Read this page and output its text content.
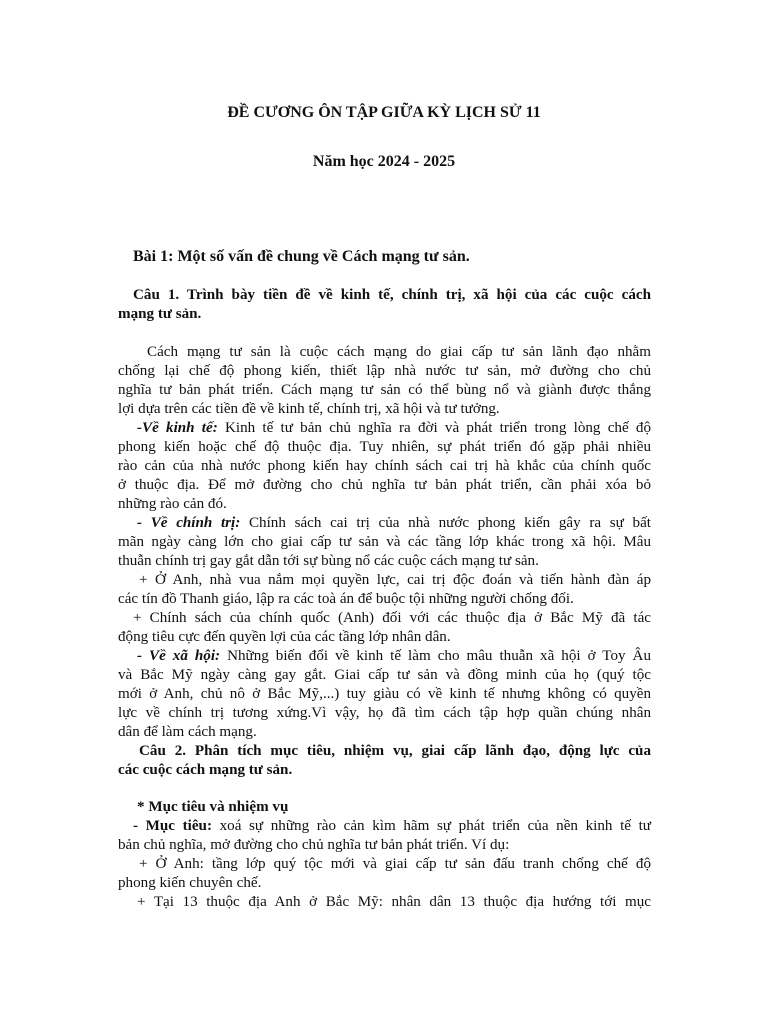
ĐỀ CƯƠNG ÔN TẬP GIỮA KỲ LỊCH SỬ 11
Năm học 2024 - 2025
Bài 1: Một số vấn đề chung về Cách mạng tư sản.
Câu 1. Trình bày tiền đề về kinh tế, chính trị, xã hội của các cuộc cách
mạng tư sản.
Cách mạng tư sản là cuộc cách mạng do giai cấp tư sản lãnh đạo nhằm
chống lại chế độ phong kiến, thiết lập nhà nước tư sản, mở đường cho chủ
nghĩa tư bản phát triển. Cách mạng tư sản có thể bùng nổ và giành được thắng
lợi dựa trên các tiền đề về kinh tế, chính trị, xã hội và tư tưởng.
-Về kinh tế: Kinh tế tư bản chủ nghĩa ra đời và phát triển trong lòng chế độ
phong kiến hoặc chế độ thuộc địa. Tuy nhiên, sự phát triển đó gặp phải nhiều
rào cản của nhà nước phong kiến hay chính sách cai trị hà khắc của chính quốc
ở thuộc địa. Để mở đường cho chủ nghĩa tư bản phát triển, cần phải xóa bỏ
những rào cản đó.
- Về chính trị: Chính sách cai trị của nhà nước phong kiến gây ra sự bất
mãn ngày càng lớn cho giai cấp tư sản và các tầng lớp khác trong xã hội. Mâu
thuẫn chính trị gay gắt dẫn tới sự bùng nổ các cuộc cách mạng tư sản.
+ Ở Anh, nhà vua nắm mọi quyền lực, cai trị độc đoán và tiến hành đàn áp
các tín đồ Thanh giáo, lập ra các toà án để buộc tội những người chống đối.
+ Chính sách của chính quốc (Anh) đối với các thuộc địa ở Bắc Mỹ đã tác
động tiêu cực đến quyền lợi của các tầng lớp nhân dân.
- Về xã hội: Những biến đổi về kinh tế làm cho mâu thuẫn xã hội ở Toy Âu
và Bắc Mỹ ngày càng gay gắt. Giai cấp tư sản và đồng minh của họ (quý tộc
mới ở Anh, chủ nô ở Bắc Mỹ,...) tuy giàu có về kinh tế nhưng không có quyền
lực về chính trị tương xứng.Vì vậy, họ đã tìm cách tập hợp quần chúng nhân
dân để làm cách mạng.
Câu 2. Phân tích mục tiêu, nhiệm vụ, giai cấp lãnh đạo, động lực của
các cuộc cách mạng tư sản.
* Mục tiêu và nhiệm vụ
- Mục tiêu: xoá sự những rào cản kìm hãm sự phát triển của nền kinh tế tư
bản chủ nghĩa, mở đường cho chủ nghĩa tư bản phát triển. Ví dụ:
+ Ở Anh: tầng lớp quý tộc mới và giai cấp tư sản đấu tranh chống chế độ
phong kiến chuyên chế.
+ Tại 13 thuộc địa Anh ở Bắc Mỹ: nhân dân 13 thuộc địa hướng tới mục
